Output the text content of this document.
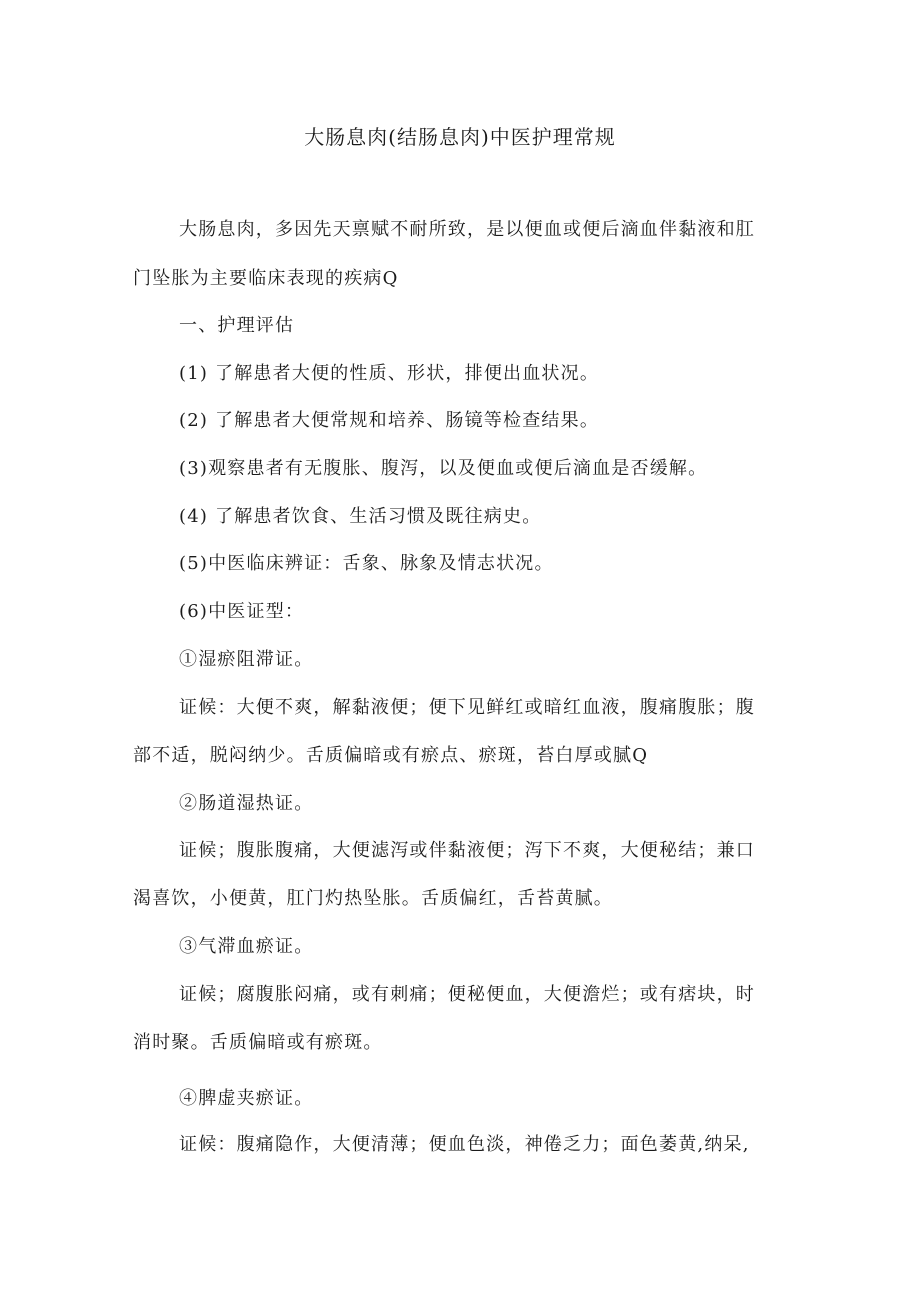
大肠息肉(结肠息肉)中医护理常规
大肠息肉，多因先天禀赋不耐所致，是以便血或便后滴血伴黏液和肛
门坠胀为主要临床表现的疾病Q
一、护理评估
(1) 了解患者大便的性质、形状，排便出血状况。
(2) 了解患者大便常规和培养、肠镜等检查结果。
(3)观察患者有无腹胀、腹泻，以及便血或便后滴血是否缓解。
(4) 了解患者饮食、生活习惯及既往病史。
(5)中医临床辨证：舌象、脉象及情志状况。
(6)中医证型：
①湿瘀阻滞证。
证候：大便不爽，解黏液便；便下见鲜红或暗红血液，腹痛腹胀；腹
部不适，脱闷纳少。舌质偏暗或有瘀点、瘀斑，苔白厚或腻Q
②肠道湿热证。
证候；腹胀腹痛，大便滤泻或伴黏液便；泻下不爽，大便秘结；兼口
渴喜饮，小便黄，肛门灼热坠胀。舌质偏红，舌苔黄腻。
③气滞血瘀证。
证候；腐腹胀闷痛，或有刺痛；便秘便血，大便澹烂；或有痞块，时
消时聚。舌质偏暗或有瘀斑。
④脾虚夹瘀证。
证候：腹痛隐作，大便清薄；便血色淡，神倦乏力；面色萎黄,纳呆,
